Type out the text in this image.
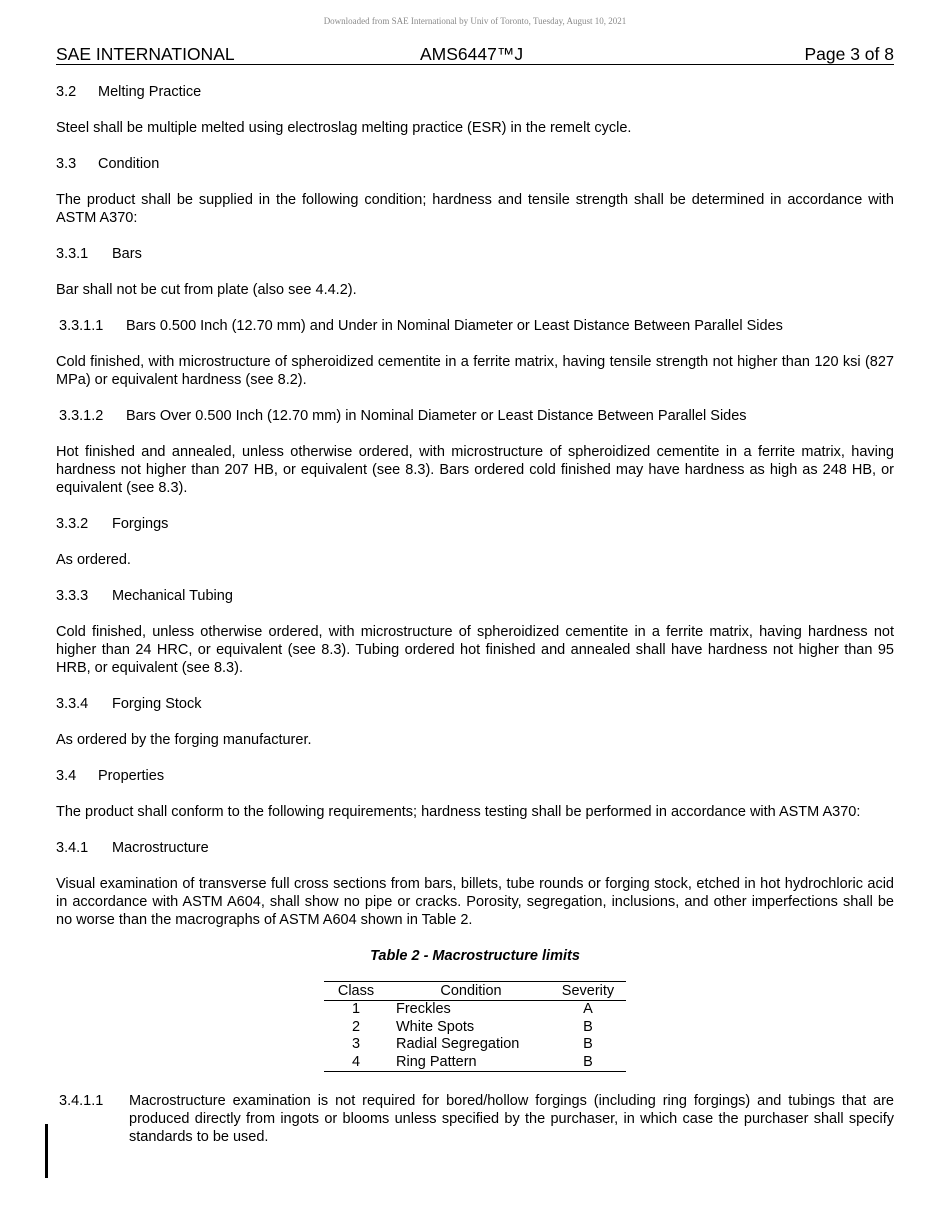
Downloaded from SAE International by Univ of Toronto, Tuesday, August 10, 2021
SAE INTERNATIONAL	AMS6447™J	Page 3 of 8
3.2 Melting Practice

Steel shall be multiple melted using electroslag melting practice (ESR) in the remelt cycle.

3.3 Condition

The product shall be supplied in the following condition; hardness and tensile strength shall be determined in accordance with ASTM A370:

3.3.1 Bars

Bar shall not be cut from plate (also see 4.4.2).

3.3.1.1 Bars 0.500 Inch (12.70 mm) and Under in Nominal Diameter or Least Distance Between Parallel Sides

Cold finished, with microstructure of spheroidized cementite in a ferrite matrix, having tensile strength not higher than 120 ksi (827 MPa) or equivalent hardness (see 8.2).

3.3.1.2 Bars Over 0.500 Inch (12.70 mm) in Nominal Diameter or Least Distance Between Parallel Sides

Hot finished and annealed, unless otherwise ordered, with microstructure of spheroidized cementite in a ferrite matrix, having hardness not higher than 207 HB, or equivalent (see 8.3). Bars ordered cold finished may have hardness as high as 248 HB, or equivalent (see 8.3).

3.3.2 Forgings

As ordered.

3.3.3 Mechanical Tubing

Cold finished, unless otherwise ordered, with microstructure of spheroidized cementite in a ferrite matrix, having hardness not higher than 24 HRC, or equivalent (see 8.3). Tubing ordered hot finished and annealed shall have hardness not higher than 95 HRB, or equivalent (see 8.3).

3.3.4 Forging Stock

As ordered by the forging manufacturer.

3.4 Properties

The product shall conform to the following requirements; hardness testing shall be performed in accordance with ASTM A370:

3.4.1 Macrostructure

Visual examination of transverse full cross sections from bars, billets, tube rounds or forging stock, etched in hot hydrochloric acid in accordance with ASTM A604, shall show no pipe or cracks. Porosity, segregation, inclusions, and other imperfections shall be no worse than the macrographs of ASTM A604 shown in Table 2.

Table 2 - Macrostructure limits

Class	Condition	Severity
1	Freckles	A
2	White Spots	B
3	Radial Segregation	B
4	Ring Pattern	B
3.4.1.1 Macrostructure examination is not required for bored/hollow forgings (including ring forgings) and tubings that are produced directly from ingots or blooms unless specified by the purchaser, in which case the purchaser shall specify standards to be used.
